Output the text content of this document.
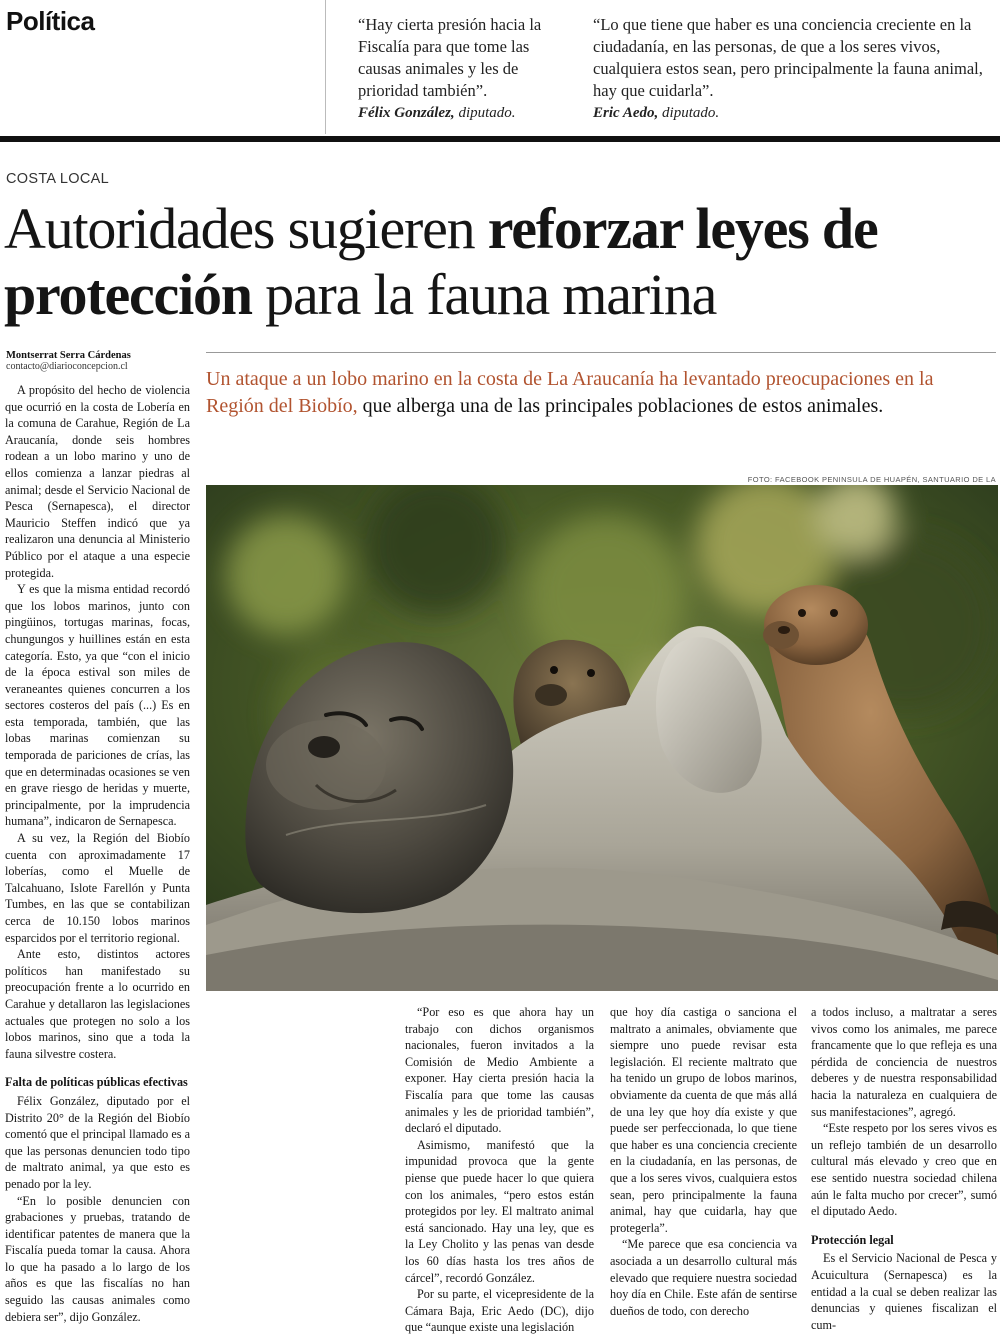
Política	“Hay cierta presión hacia la Fiscalía para que tome las causas animales y les de prioridad también”.
Félix González, diputado.
“Lo que tiene que haber es una conciencia creciente en la ciudadanía, en las personas, de que a los seres vivos, cualquiera estos sean, pero principalmente la fauna animal, hay que cuidarla”.
Eric Aedo, diputado.
COSTA LOCAL
Autoridades sugieren reforzar leyes de protección para la fauna marina
Montserrat Serra Cárdenas
contacto@diarioconcepcion.cl
Un ataque a un lobo marino en la costa de La Araucanía ha levantado preocupaciones en la Región del Biobío, que alberga una de las principales poblaciones de estos animales.
FOTO: FACEBOOK PENINSULA DE HUAPÉN, SANTUARIO DE LA

A propósito del hecho de violencia que ocurrió en la costa de Lobería en la comuna de Carahue, Región de La Araucanía, donde seis hombres rodean a un lobo marino y uno de ellos comienza a lanzar piedras al animal; desde el Servicio Nacional de Pesca (Sernapesca), el director Mauricio Steffen indicó que ya realizaron una denuncia al Ministerio Público por el ataque a una especie protegida.

Y es que la misma entidad recordó que los lobos marinos, junto con pingüinos, tortugas marinas, focas, chungungos y huillines están en esta categoría. Esto, ya que “con el inicio de la época estival son miles de veraneantes quienes concurren a los sectores costeros del país (...) Es en esta temporada, también, que las lobas marinas comienzan su temporada de pariciones de crías, las que en determinadas ocasiones se ven en grave riesgo de heridas y muerte, principalmente, por la imprudencia humana”, indicaron de Sernapesca.

A su vez, la Región del Biobío cuenta con aproximadamente 17 loberías, como el Muelle de Talcahuano, Islote Farellón y Punta Tumbes, en las que se contabilizan cerca de 10.150 lobos marinos esparcidos por el territorio regional.

Ante esto, distintos actores políticos han manifestado su preocupación frente a lo ocurrido en Carahue y detallaron las legislaciones actuales que protegen no solo a los lobos marinos, sino que a toda la fauna silvestre costera.

Falta de políticas públicas efectivas

Félix González, diputado por el Distrito 20° de la Región del Biobío comentó que el principal llamado es a que las personas denuncien todo tipo de maltrato animal, ya que esto es penado por la ley.

“En lo posible denuncien con grabaciones y pruebas, tratando de identificar patentes de manera que la Fiscalía pueda tomar la causa. Ahora lo que ha pasado a lo largo de los años es que las fiscalías no han seguido las causas animales como debiera ser”, dijo González.

“Por eso es que ahora hay un trabajo con dichos organismos nacionales, fueron invitados a la Comisión de Medio Ambiente a exponer. Hay cierta presión hacia la Fiscalía para que tome las causas animales y les de prioridad también”, declaró el diputado.

Asimismo, manifestó que la impunidad provoca que la gente piense que puede hacer lo que quiera con los animales, “pero estos están protegidos por ley. El maltrato animal está sancionado. Hay una ley, que es la Ley Cholito y las penas van desde los 60 días hasta los tres años de cárcel”, recordó González.

Por su parte, el vicepresidente de la Cámara Baja, Eric Aedo (DC), dijo que “aunque existe una legislación

que hoy día castiga o sanciona el maltrato a animales, obviamente que siempre uno puede revisar esta legislación. El reciente maltrato que ha tenido un grupo de lobos marinos, obviamente da cuenta de que más allá de una ley que hoy día existe y que puede ser perfeccionada, lo que tiene que haber es una conciencia creciente en la ciudadanía, en las personas, de que a los seres vivos, cualquiera estos sean, pero principalmente la fauna animal, hay que cuidarla, hay que protegerla”.

“Me parece que esa conciencia va asociada a un desarrollo cultural más elevado que requiere nuestra sociedad hoy día en Chile. Este afán de sentirse dueños de todo, con derecho

a todos incluso, a maltratar a seres vivos como los animales, me parece francamente que lo que refleja es una pérdida de conciencia de nuestros deberes y de nuestra responsabilidad hacia la naturaleza en cualquiera de sus manifestaciones”, agregó.

“Este respeto por los seres vivos es un reflejo también de un desarrollo cultural más elevado y creo que en ese sentido nuestra sociedad chilena aún le falta mucho por crecer”, sumó el diputado Aedo.

Protección legal

Es el Servicio Nacional de Pesca y Acuicultura (Sernapesca) es la entidad a la cual se deben realizar las denuncias y quienes fiscalizan el cum-
